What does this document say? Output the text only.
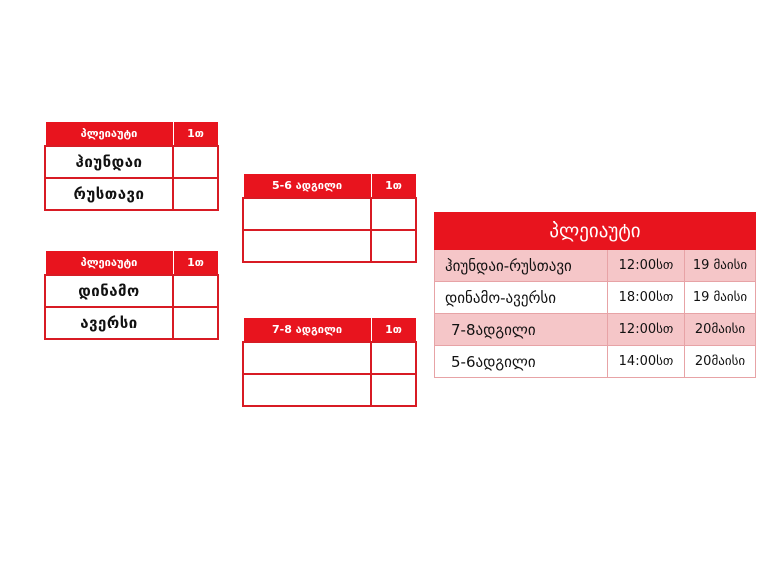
პლეიაუტი	1თ
ჰიუნდაი	
რუსთავი	
პლეიაუტი	1თ
დინამო	
ავერსი	
5-6 ადგილი	1თ

7-8 ადგილი	1თ

პლეიაუტი		
ჰიუნდაი-რუსთავი	12:00სთ	19 მაისი
დინამო-ავერსი	18:00სთ	19 მაისი
7-8ადგილი	12:00სთ	20მაისი
5-6ადგილი	14:00სთ	20მაისი
